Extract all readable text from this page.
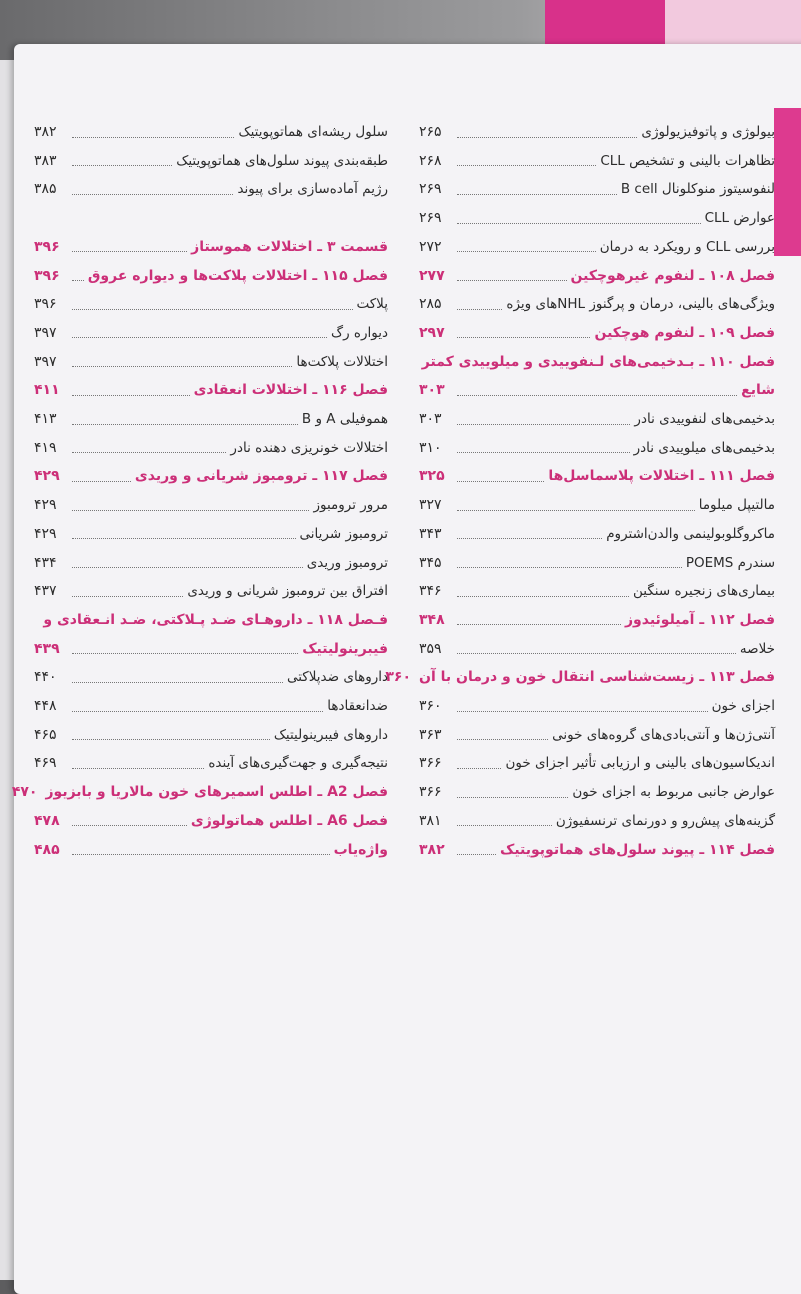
بیولوژی و پاتوفیزیولوژی
۲۶۵
تظاهرات بالینی و تشخیص CLL
۲۶۸
لنفوسیتوز منوکلونال B cell
۲۶۹
عوارض CLL
۲۶۹
بررسی CLL و رویکرد به درمان
۲۷۲
فصل ۱۰۸ ـ لنفوم غیرهوچکین
۲۷۷
ویژگی‌های بالینی، درمان و پرگنوز NHLهای ویژه
۲۸۵
فصل ۱۰۹ ـ لنفوم هوچکین
۲۹۷
فصل ۱۱۰ ـ بـدخیمی‌های لـنفوییدی و میلوییدی کمتر
شایع
۳۰۳
بدخیمی‌های لنفوییدی نادر
۳۰۳
بدخیمی‌های میلوییدی نادر
۳۱۰
فصل ۱۱۱ ـ اختلالات پلاسماسل‌ها
۳۲۵
مالتیپل میلوما
۳۲۷
ماکروگلوبولینمی والدن‌اشتروم
۳۴۳
سندرم POEMS
۳۴۵
بیماری‌های زنجیره سنگین
۳۴۶
فصل ۱۱۲ ـ آمیلوئیدوز
۳۴۸
خلاصه
۳۵۹
فصل ۱۱۳ ـ زیست‌شناسی انتقال خون و درمان با آن
۳۶۰
اجزای خون
۳۶۰
آنتی‌ژن‌ها و آنتی‌بادی‌های گروه‌های خونی
۳۶۳
اندیکاسیون‌های بالینی و ارزیابی تأثیر اجزای خون
۳۶۶
عوارض جانبی مربوط به اجزای خون
۳۶۶
گزینه‌های پیش‌رو و دورنمای ترنسفیوژن
۳۸۱
فصل ۱۱۴ ـ پیوند سلول‌های هماتوپویتیک
۳۸۲
سلول ریشه‌ای هماتوپویتیک
۳۸۲
طبقه‌بندی پیوند سلول‌های هماتوپویتیک
۳۸۳
رژیم آماده‌سازی برای پیوند
۳۸۵
قسمت ۳ ـ اختلالات هموستاز
۳۹۶
فصل ۱۱۵ ـ اختلالات پلاکت‌ها و دیواره عروق
۳۹۶
پلاکت
۳۹۶
دیواره رگ
۳۹۷
اختلالات پلاکت‌ها
۳۹۷
فصل ۱۱۶ ـ اختلالات انعقادی
۴۱۱
هموفیلی A و B
۴۱۳
اختلالات خونریزی دهنده نادر
۴۱۹
فصل ۱۱۷ ـ ترومبوز شریانی و وریدی
۴۲۹
مرور ترومبوز
۴۲۹
ترومبوز شریانی
۴۲۹
ترومبوز وریدی
۴۳۴
افتراق بین ترومبوز شریانی و وریدی
۴۳۷
فـصل ۱۱۸ ـ داروهـای ضـد پـلاکتی، ضـد انـعقادی و
فیبرینولیتیک
۴۳۹
داروهای ضدپلاکتی
۴۴۰
ضدانعقادها
۴۴۸
داروهای فیبرینولیتیک
۴۶۵
نتیجه‌گیری و جهت‌گیری‌های آینده
۴۶۹
فصل A2 ـ اطلس اسمیرهای خون مالاریا و بابزیوز
۴۷۰
فصل A6 ـ اطلس هماتولوژی
۴۷۸
واژه‌یاب
۴۸۵
